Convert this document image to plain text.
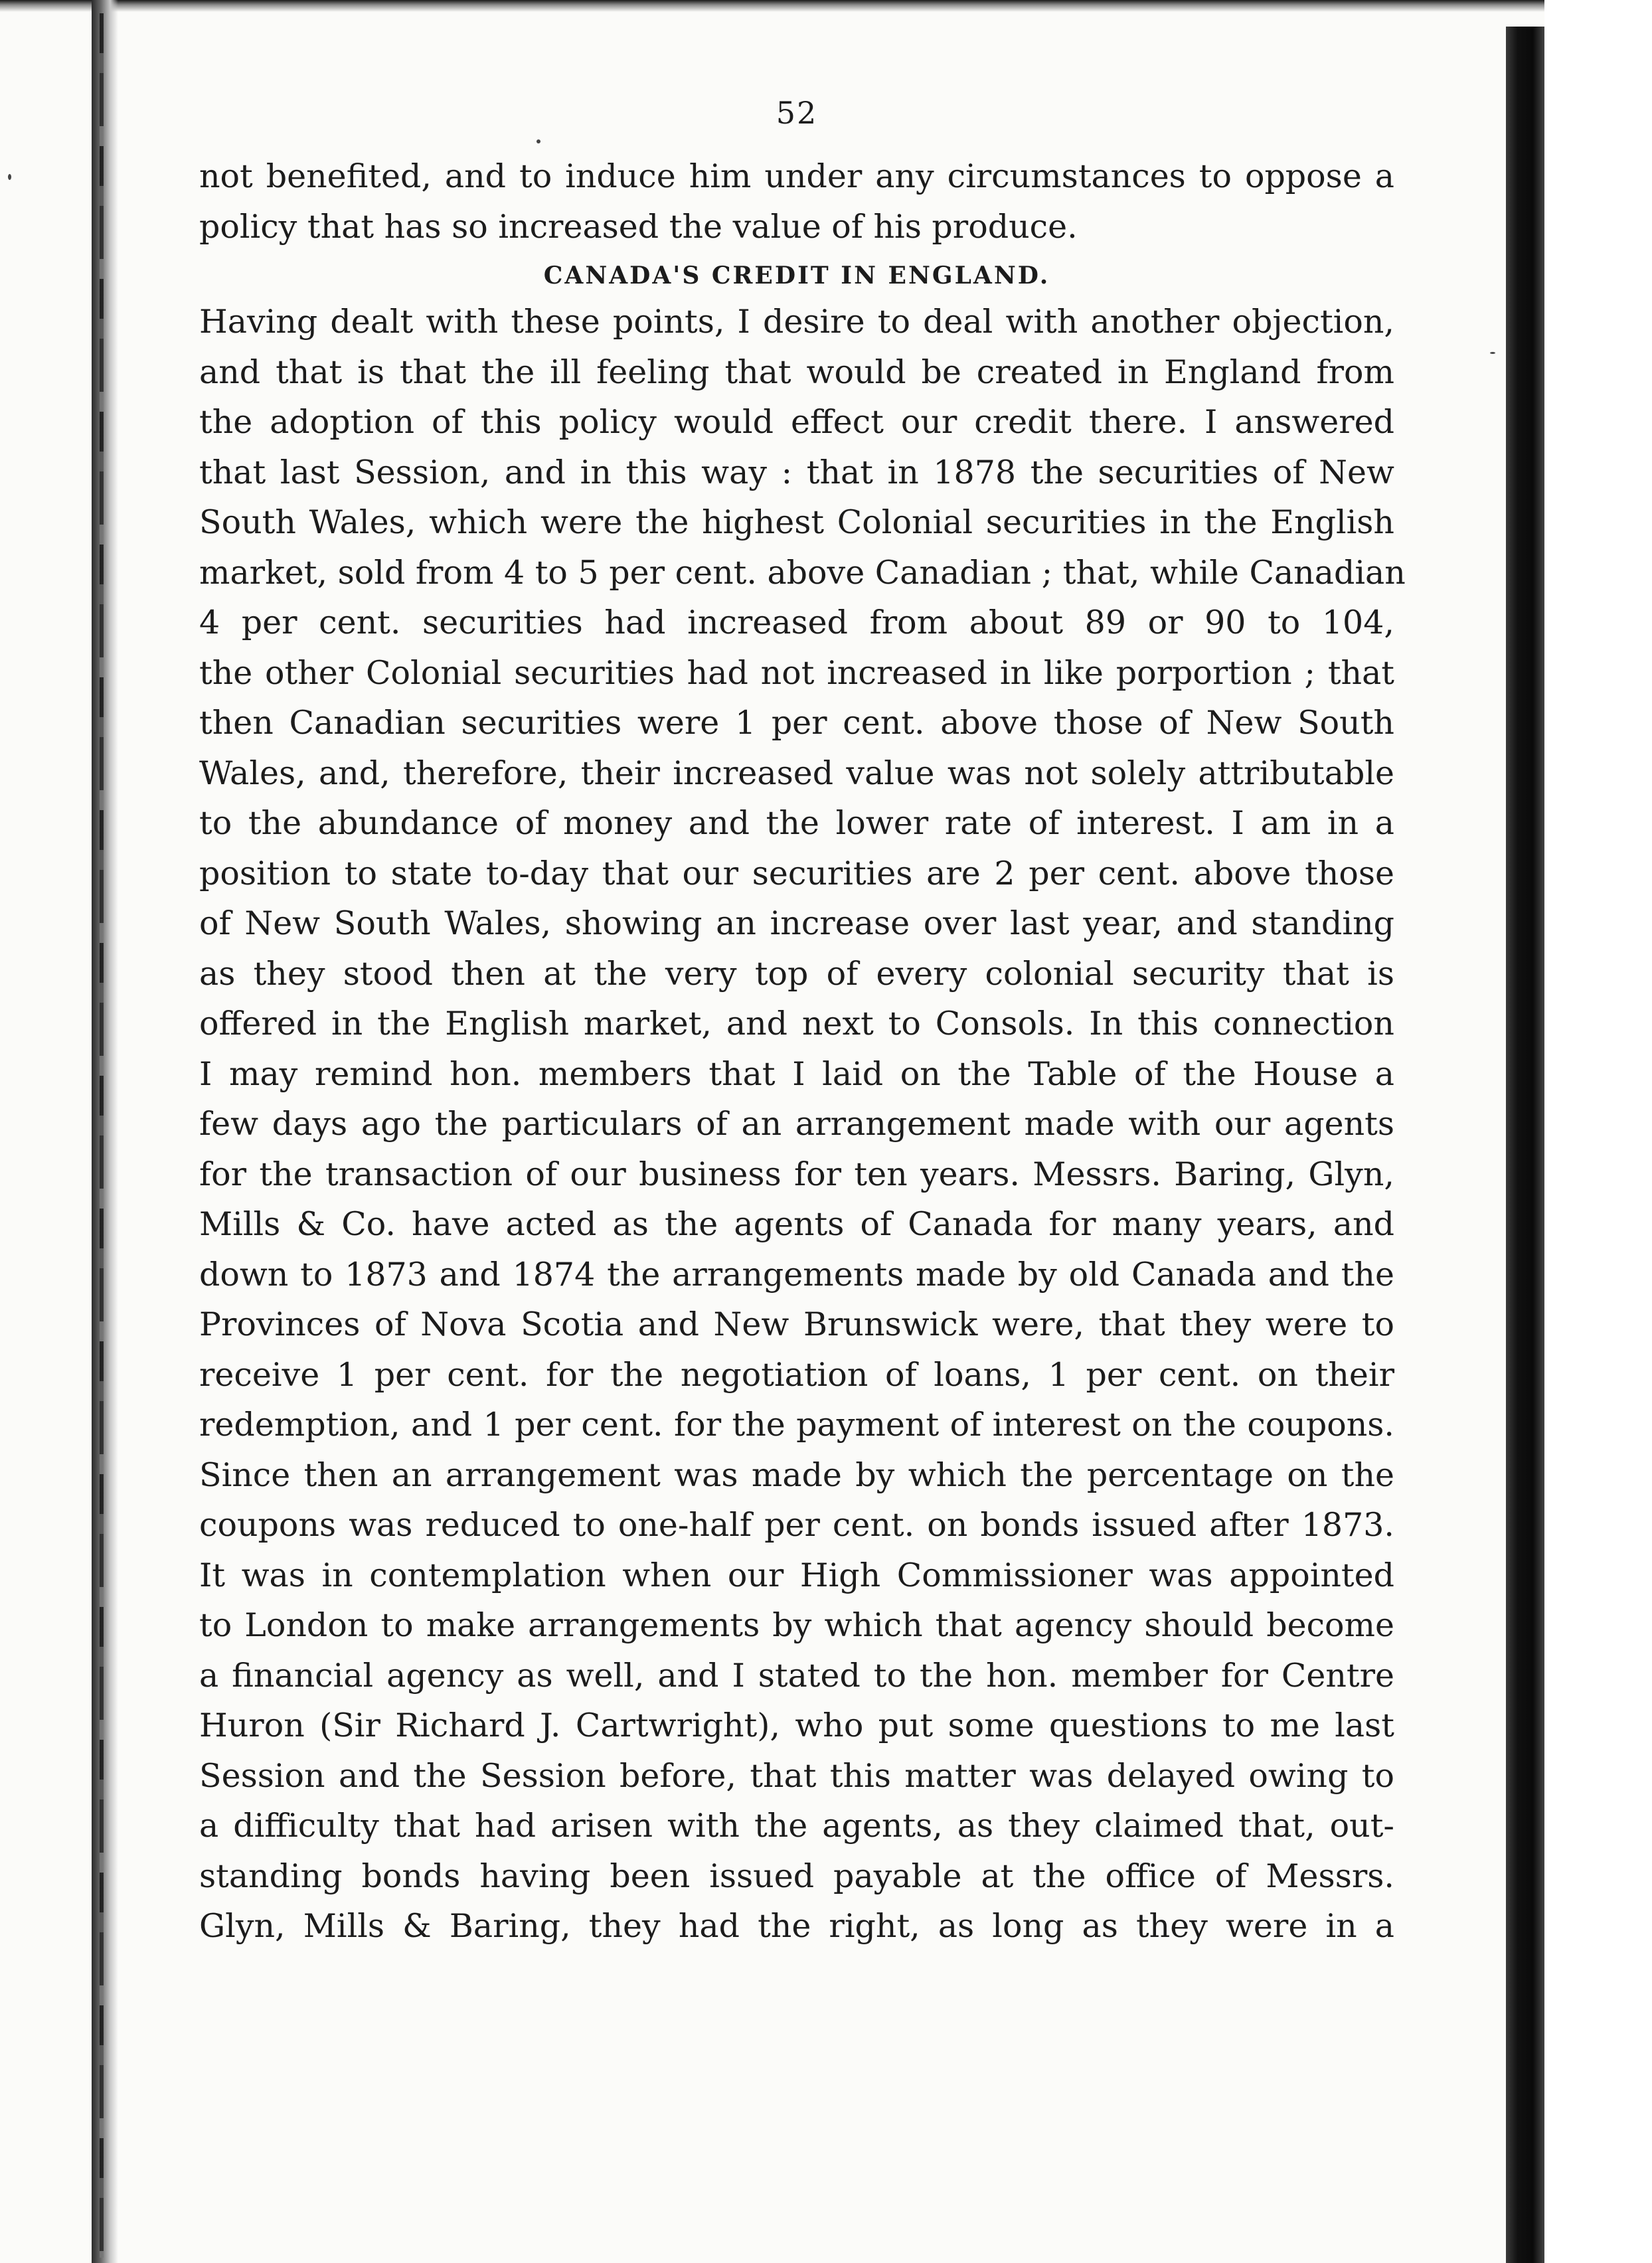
52
not benefited, and to induce him under any circumstances to oppose a
policy that has so increased the value of his produce.
CANADA'S CREDIT IN ENGLAND.
Having dealt with these points, I desire to deal with another objection,
and that is that the ill feeling that would be created in England from
the adoption of this policy would effect our credit there. I answered
that last Session, and in this way : that in 1878 the securities of New
South Wales, which were the highest Colonial securities in the English
market, sold from 4 to 5 per cent. above Canadian ; that, while Canadian
4 per cent. securities had increased from about 89 or 90 to 104,
the other Colonial securities had not increased in like porportion ; that
then Canadian securities were 1 per cent. above those of New South
Wales, and, therefore, their increased value was not solely attributable
to the abundance of money and the lower rate of interest. I am in a
position to state to-day that our securities are 2 per cent. above those
of New South Wales, showing an increase over last year, and standing
as they stood then at the very top of every colonial security that is
offered in the English market, and next to Consols. In this connection
I may remind hon. members that I laid on the Table of the House a
few days ago the particulars of an arrangement made with our agents
for the transaction of our business for ten years. Messrs. Baring, Glyn,
Mills & Co. have acted as the agents of Canada for many years, and
down to 1873 and 1874 the arrangements made by old Canada and the
Provinces of Nova Scotia and New Brunswick were, that they were to
receive 1 per cent. for the negotiation of loans, 1 per cent. on their
redemption, and 1 per cent. for the payment of interest on the coupons.
Since then an arrangement was made by which the percentage on the
coupons was reduced to one-half per cent. on bonds issued after 1873.
It was in contemplation when our High Commissioner was appointed
to London to make arrangements by which that agency should become
a financial agency as well, and I stated to the hon. member for Centre
Huron (Sir Richard J. Cartwright), who put some questions to me last
Session and the Session before, that this matter was delayed owing to
a difficulty that had arisen with the agents, as they claimed that, out-
standing bonds having been issued payable at the office of Messrs.
Glyn, Mills & Baring, they had the right, as long as they were in a
